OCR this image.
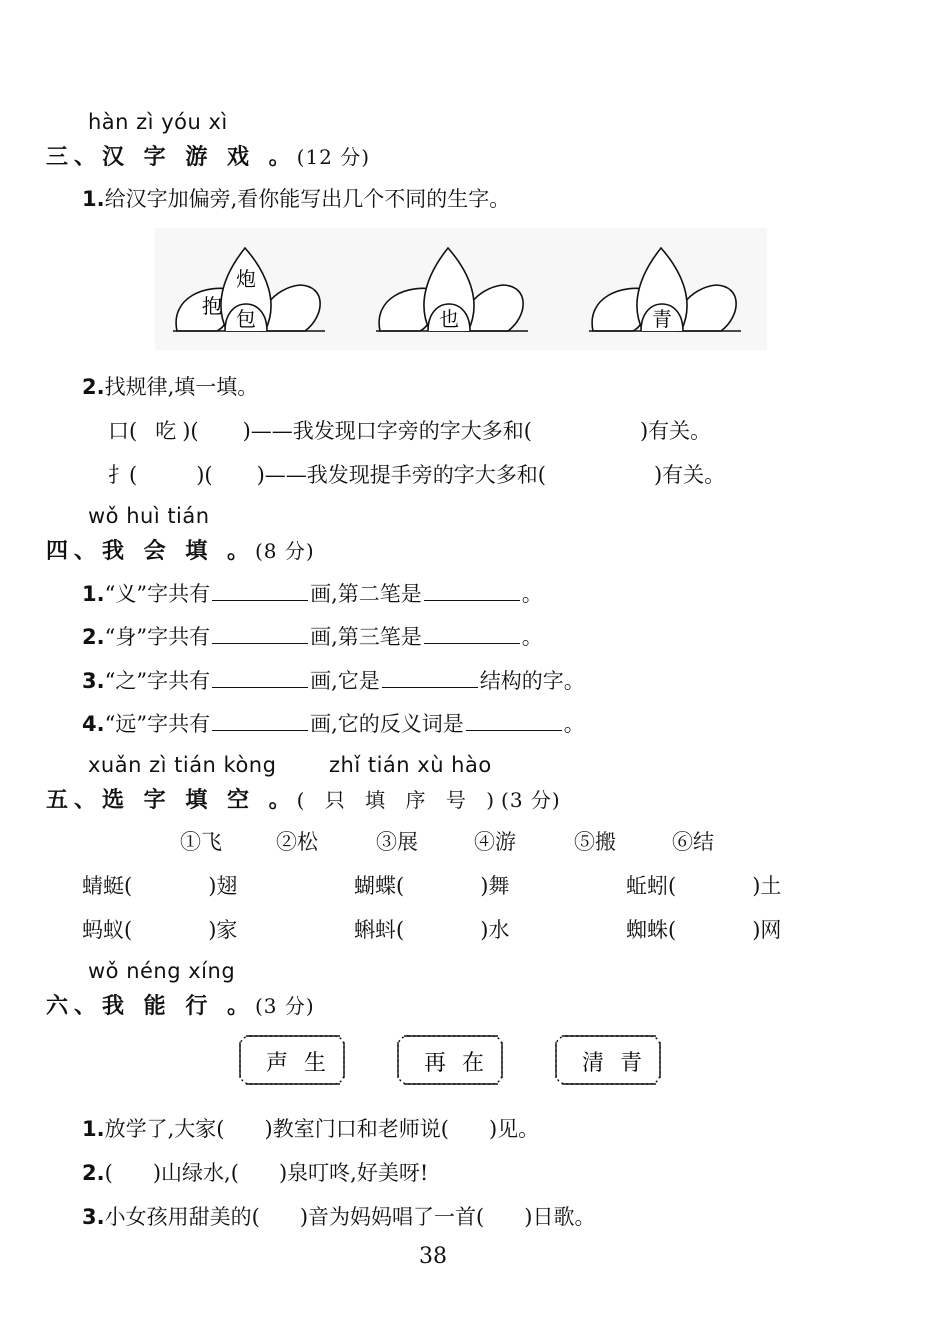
hàn zì yóu xì
三、汉 字 游 戏 。(12 分)
1.给汉字加偏旁,看你能写出几个不同的生字。
包
抱
炮
也	青
2.找规律,填一填。
口( 吃 )( )——我发现口字旁的字大多和(	)有关。
扌(	)( )——我发现提手旁的字大多和(	)有关。
wǒ huì tián
四、我 会 填 。(8 分)
1.“义”字共有	画,第二笔是	。
2.“身”字共有	画,第三笔是	。
3.“之”字共有	画,它是	结构的字。
4.“远”字共有	画,它的反义词是	。
xuǎn zì tián kòng	zhǐ tián xù hào
五、选 字 填 空 。( 只 填 序 号 )(3 分)
①飞	②松	③展	④游	⑤搬	⑥结
蜻蜓(	)翅	蝴蝶(	)舞	蚯蚓(	)土
蚂蚁(	)家	蝌蚪(	)水	蜘蛛(	)网
wǒ néng xíng
六、我 能 行 。(3 分)
声 生	再 在	清 青
1.放学了,大家(      )教室门口和老师说(      )见。
2.(      )山绿水,(      )泉叮咚,好美呀!
3.小女孩用甜美的(      )音为妈妈唱了一首(      )日歌。
38
